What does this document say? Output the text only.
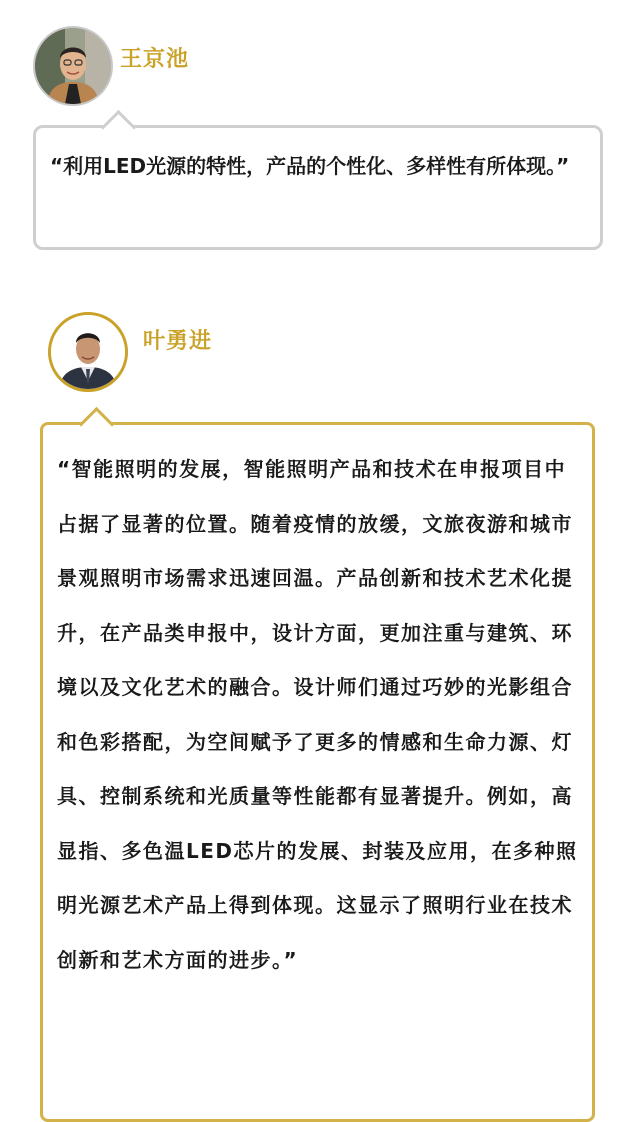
王京池

“利用LED光源的特性，产品的个性化、多样性有所体现。”

叶勇进

“智能照明的发展，智能照明产品和技术在申报项目中占据了显著的位置。随着疫情的放缓，文旅夜游和城市景观照明市场需求迅速回温。产品创新和技术艺术化提升，在产品类申报中，设计方面，更加注重与建筑、环境以及文化艺术的融合。设计师们通过巧妙的光影组合和色彩搭配，为空间赋予了更多的情感和生命力源、灯具、控制系统和光质量等性能都有显著提升。例如，高显指、多色温LED芯片的发展、封装及应用，在多种照明光源艺术产品上得到体现。这显示了照明行业在技术创新和艺术方面的进步。”
